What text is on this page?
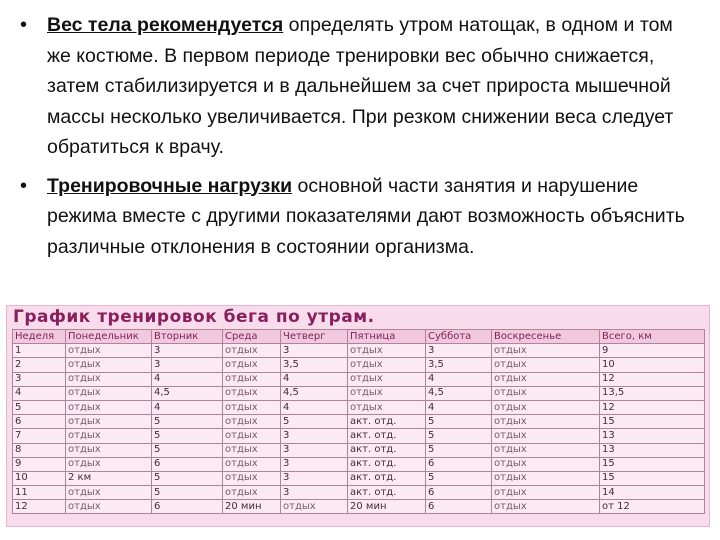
• Вес тела рекомендуется определять утром натощак, в одном и том же костюме. В первом периоде тренировки вес обычно снижается, затем стабилизируется и в дальнейшем за счет прироста мышечной массы несколько увеличивается. При резком снижении веса следует обратиться к врачу.
• Тренировочные нагрузки основной части занятия и нарушение режима вместе с другими показателями дают возможность объяснить различные отклонения в состоянии организма.
График тренировок бега по утрам.
Неделя	Понедельник	Вторник	Среда	Четверг	Пятница	Суббота	Воскресенье	Всего, км
1	отдых	3	отдых	3	отдых	3	отдых	9
2	отдых	3	отдых	3,5	отдых	3,5	отдых	10
3	отдых	4	отдых	4	отдых	4	отдых	12
4	отдых	4,5	отдых	4,5	отдых	4,5	отдых	13,5
5	отдых	4	отдых	4	отдых	4	отдых	12
6	отдых	5	отдых	5	акт. отд.	5	отдых	15
7	отдых	5	отдых	3	акт. отд.	5	отдых	13
8	отдых	5	отдых	3	акт. отд.	5	отдых	13
9	отдых	6	отдых	3	акт. отд.	6	отдых	15
10	2 км	5	отдых	3	акт. отд.	5	отдых	15
11	отдых	5	отдых	3	акт. отд.	6	отдых	14
12	отдых	6	20 мин	отдых	20 мин	6	отдых	от 12
